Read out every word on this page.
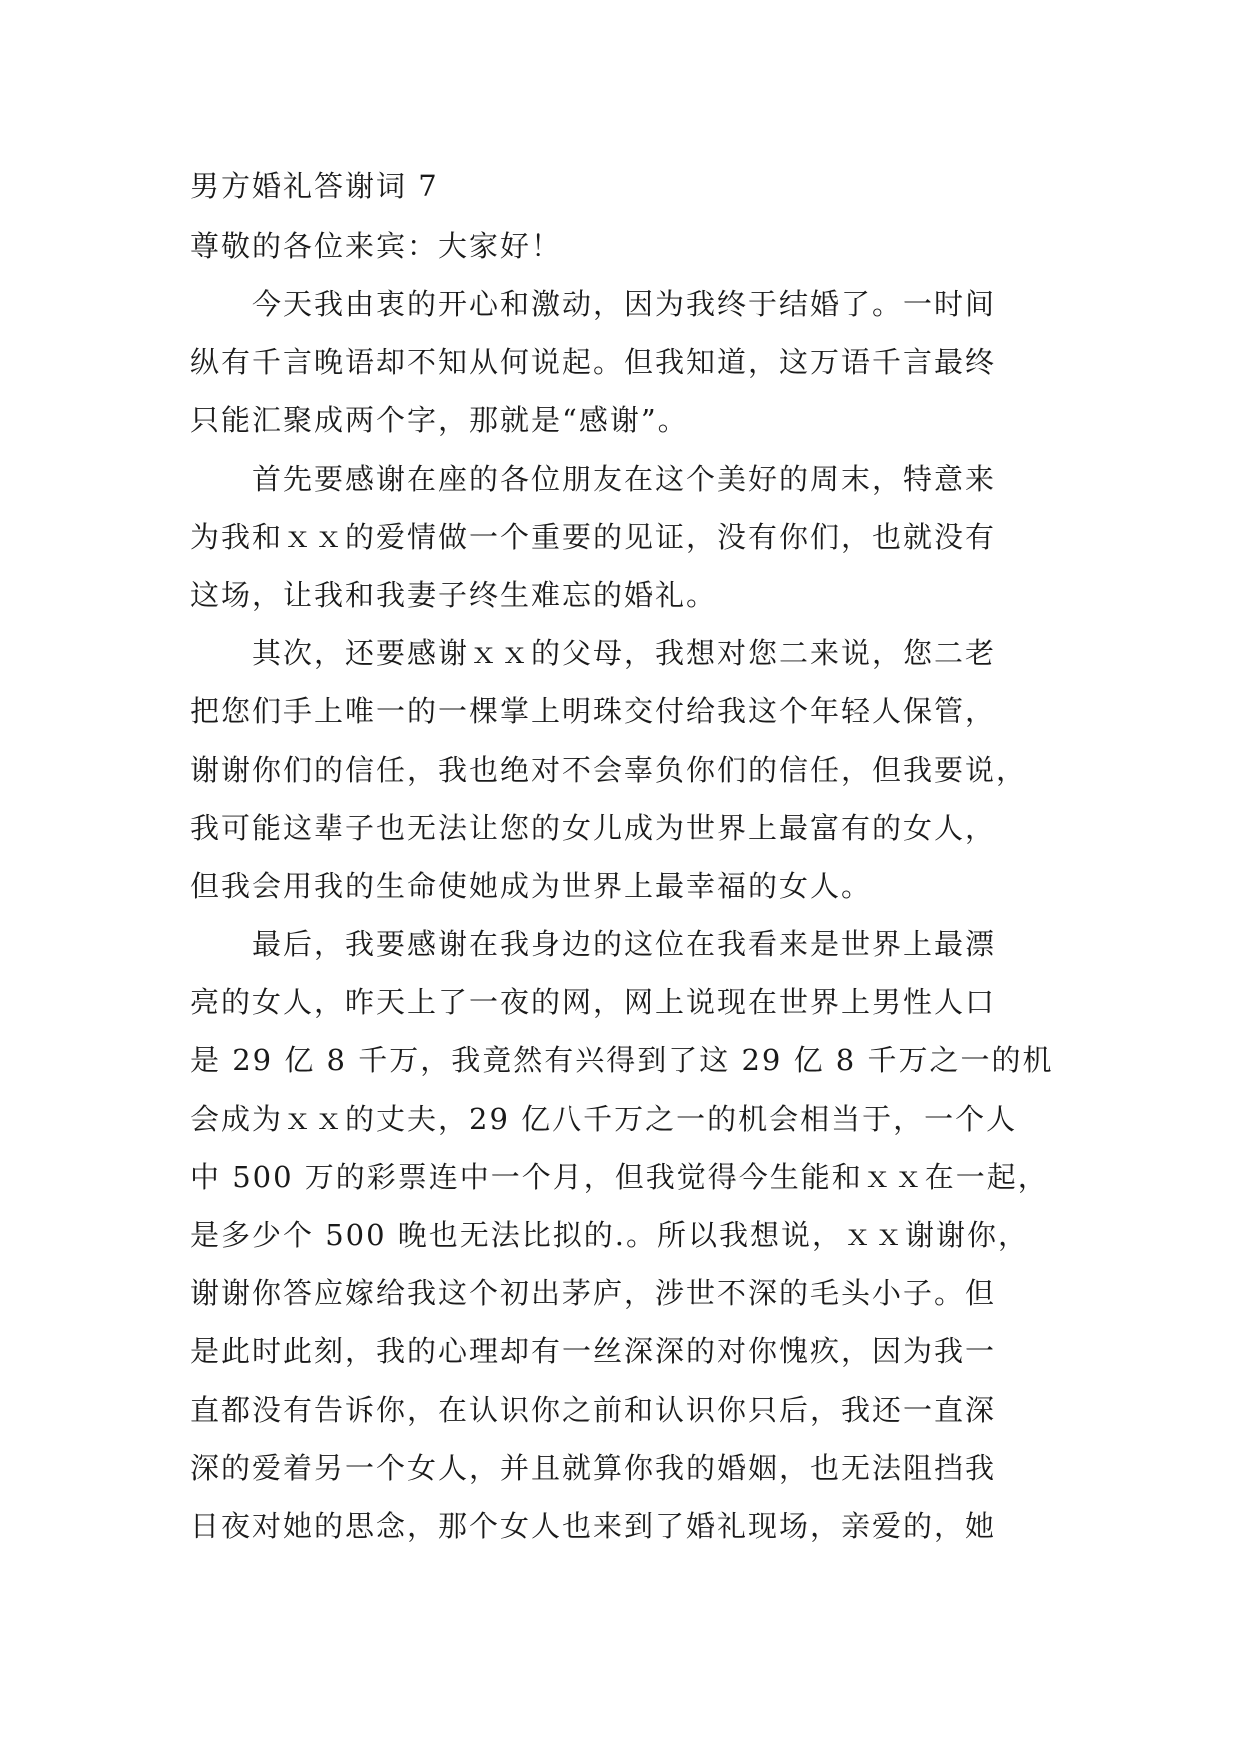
男方婚礼答谢词 7
尊敬的各位来宾：大家好！

　　今天我由衷的开心和激动，因为我终于结婚了。一时间
纵有千言晚语却不知从何说起。但我知道，这万语千言最终
只能汇聚成两个字，那就是“感谢”。

　　首先要感谢在座的各位朋友在这个美好的周末，特意来
为我和ｘｘ的爱情做一个重要的见证，没有你们，也就没有
这场，让我和我妻子终生难忘的婚礼。

　　其次，还要感谢ｘｘ的父母，我想对您二来说，您二老
把您们手上唯一的一棵掌上明珠交付给我这个年轻人保管，
谢谢你们的信任，我也绝对不会辜负你们的信任，但我要说，
我可能这辈子也无法让您的女儿成为世界上最富有的女人，
但我会用我的生命使她成为世界上最幸福的女人。

　　最后，我要感谢在我身边的这位在我看来是世界上最漂
亮的女人，昨天上了一夜的网，网上说现在世界上男性人口
是 29 亿 8 千万，我竟然有兴得到了这 29 亿 8 千万之一的机
会成为ｘｘ的丈夫，29 亿八千万之一的机会相当于，一个人
中 500 万的彩票连中一个月，但我觉得今生能和ｘｘ在一起，
是多少个 500 晚也无法比拟的.。所以我想说，ｘｘ谢谢你，
谢谢你答应嫁给我这个初出茅庐，涉世不深的毛头小子。但
是此时此刻，我的心理却有一丝深深的对你愧疚，因为我一
直都没有告诉你，在认识你之前和认识你只后，我还一直深
深的爱着另一个女人，并且就算你我的婚姻，也无法阻挡我
日夜对她的思念，那个女人也来到了婚礼现场，亲爱的，她
